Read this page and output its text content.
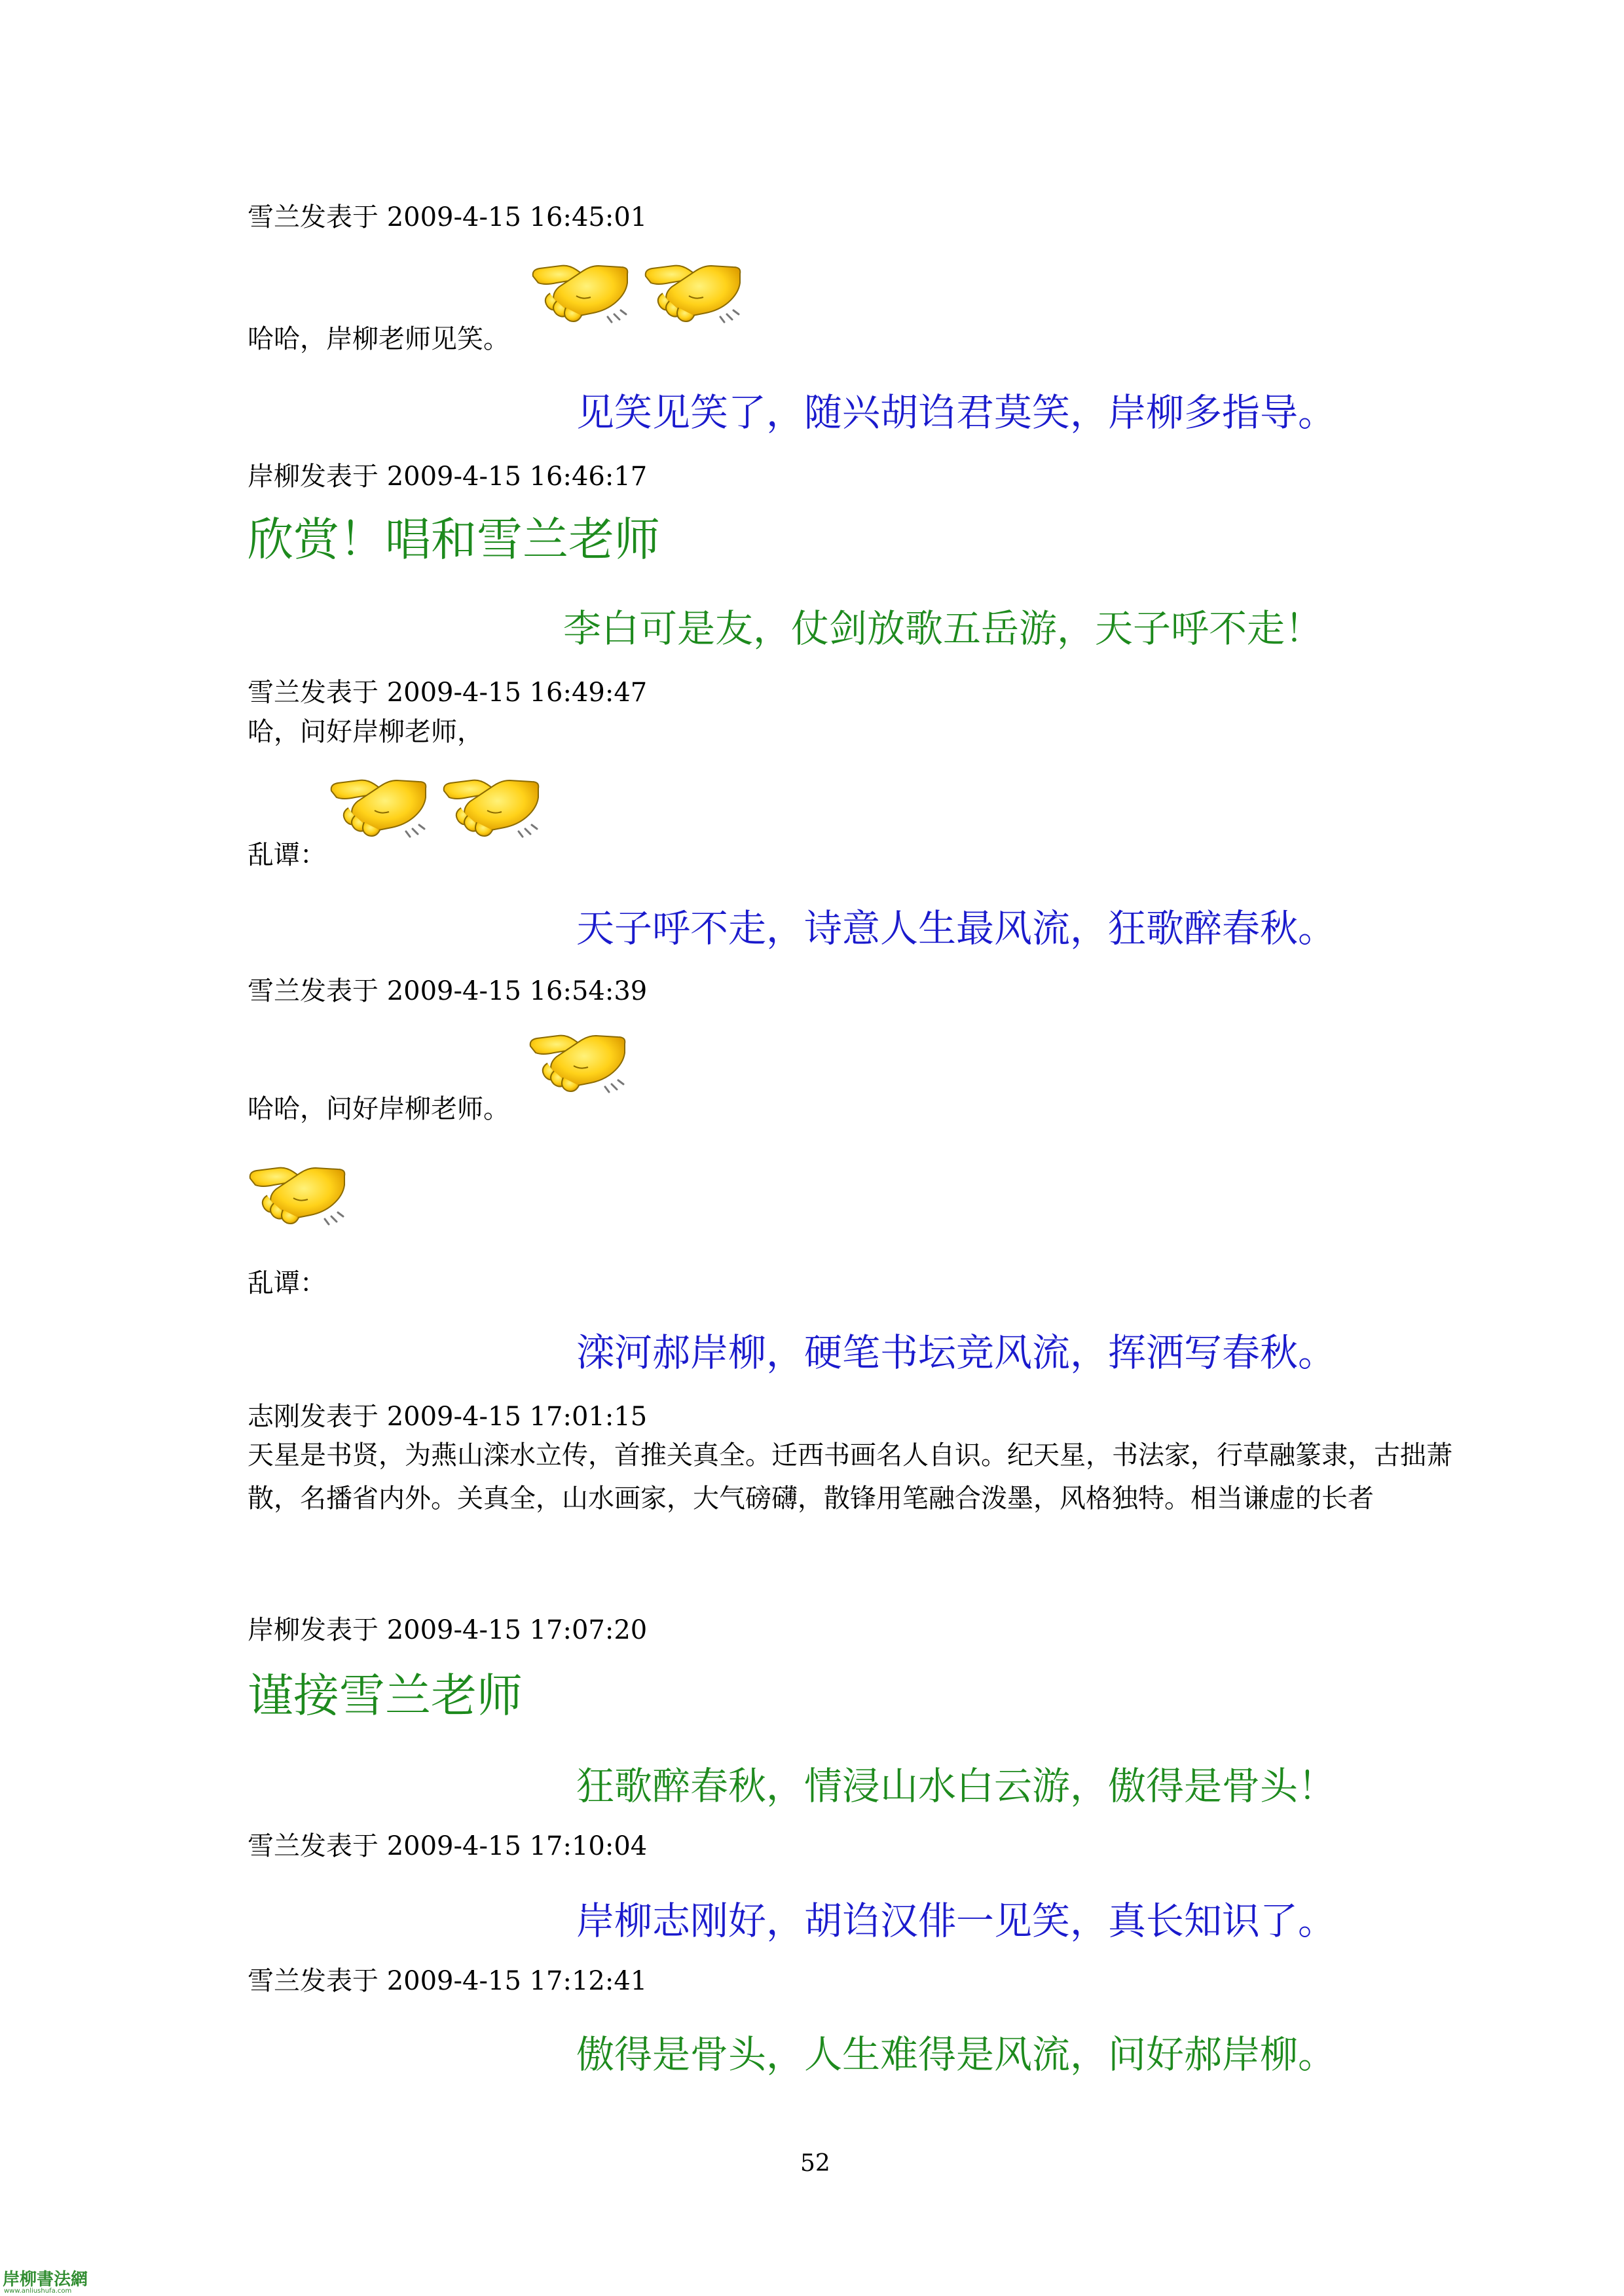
雪兰发表于 2009-4-15 16:45:01
哈哈，岸柳老师见笑。
见笑见笑了，随兴胡诌君莫笑，岸柳多指导。
岸柳发表于 2009-4-15 16:46:17
欣赏！唱和雪兰老师
李白可是友，仗剑放歌五岳游，天子呼不走！
雪兰发表于 2009-4-15 16:49:47
哈，问好岸柳老师，
乱谭：
天子呼不走，诗意人生最风流，狂歌醉春秋。
雪兰发表于 2009-4-15 16:54:39
哈哈，问好岸柳老师。
乱谭：
滦河郝岸柳，硬笔书坛竞风流，挥洒写春秋。
志刚发表于 2009-4-15 17:01:15
天星是书贤，为燕山滦水立传，首推关真全。迁西书画名人自识。纪天星，书法家，行草融篆隶，古拙萧散，名播省内外。关真全，山水画家，大气磅礴，散锋用笔融合泼墨，风格独特。相当谦虚的长者
岸柳发表于 2009-4-15 17:07:20
谨接雪兰老师
狂歌醉春秋，情浸山水白云游，傲得是骨头！
雪兰发表于 2009-4-15 17:10:04
岸柳志刚好，胡诌汉俳一见笑，真长知识了。
雪兰发表于 2009-4-15 17:12:41
傲得是骨头，人生难得是风流，问好郝岸柳。
52
岸柳書法網
www.anliushufa.com
